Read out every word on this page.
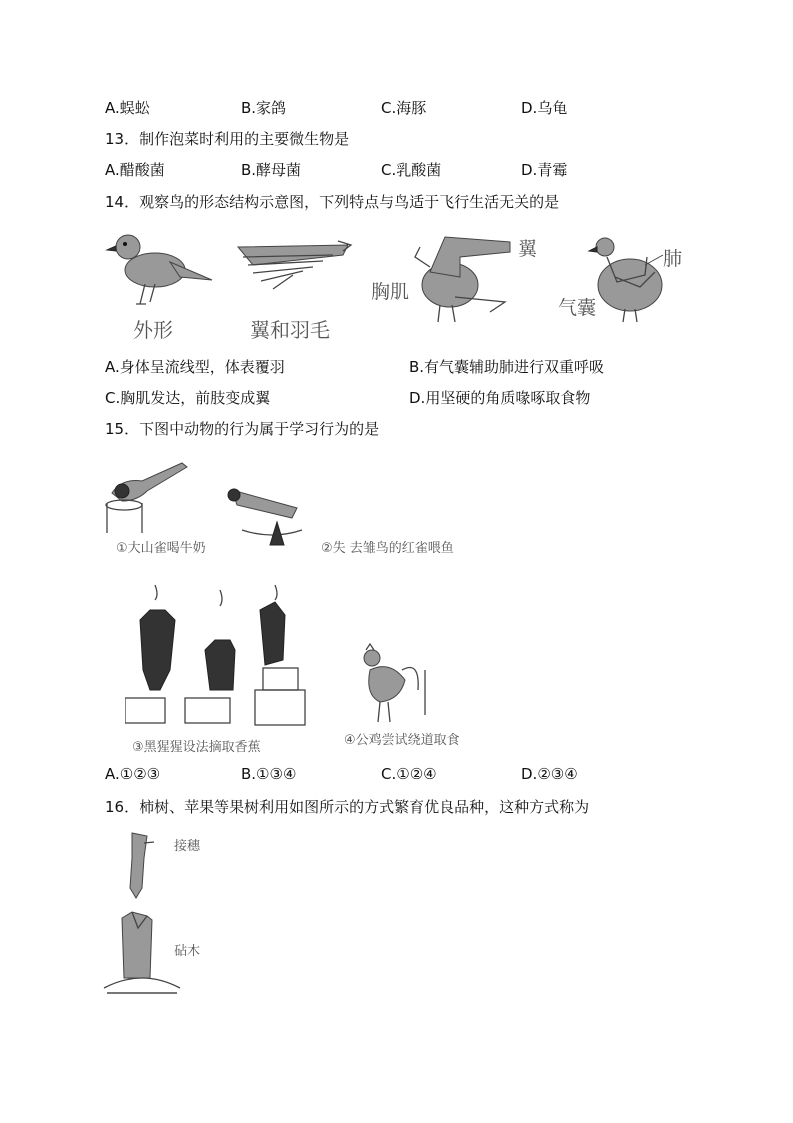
A.蜈蚣	B.家鸽	C.海豚	D.乌龟
13．制作泡菜时利用的主要微生物是
A.醋酸菌	B.酵母菌	C.乳酸菌	D.青霉
14．观察鸟的形态结构示意图，下列特点与鸟适于飞行生活无关的是
外形	翼和羽毛
胸肌
翼	肺
气囊
A.身体呈流线型，体表覆羽	B.有气囊辅助肺进行双重呼吸
C.胸肌发达，前肢变成翼	D.用坚硬的角质喙啄取食物
15．下图中动物的行为属于学习行为的是
①大山雀喝牛奶	②失 去雏鸟的红雀喂鱼
③黑猩猩设法摘取香蕉	④公鸡尝试绕道取食
A.①②③	B.①③④	C.①②④	D.②③④
16．柿树、苹果等果树利用如图所示的方式繁育优良品种，这种方式称为
接穗
砧木
